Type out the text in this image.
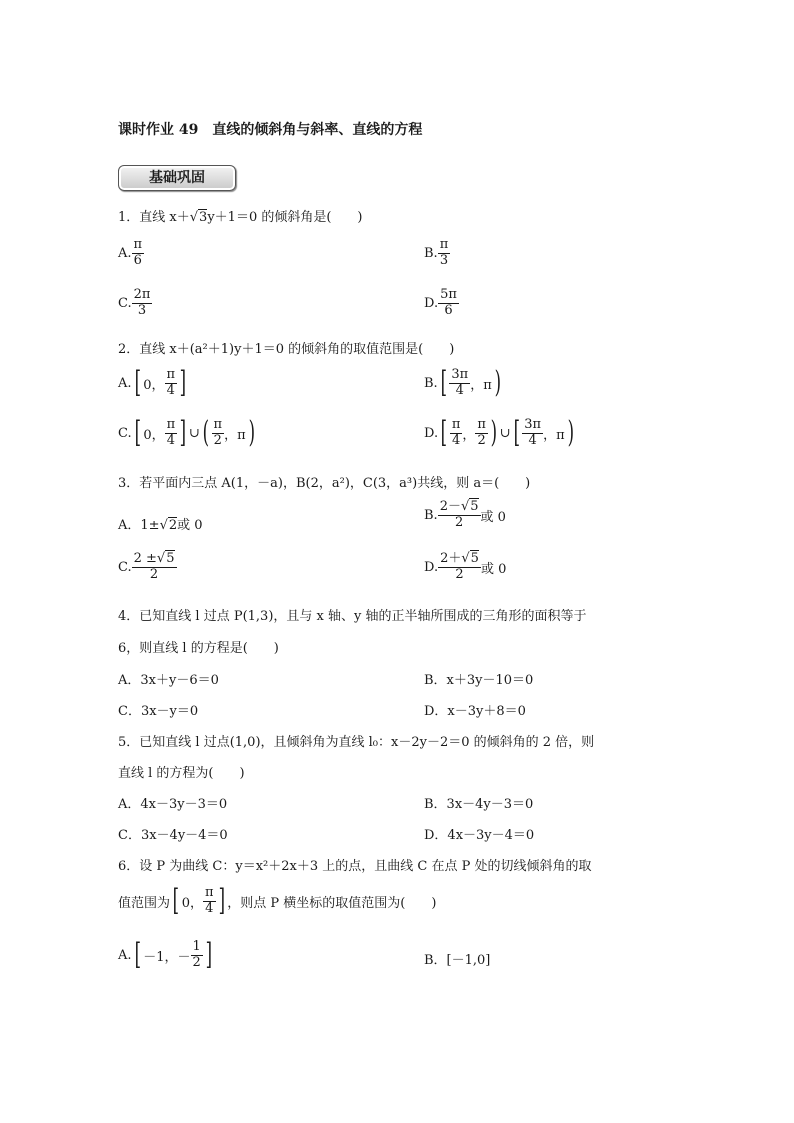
课时作业 49　直线的倾斜角与斜率、直线的方程
基础巩固
1．直线 x＋√3y＋1＝0 的倾斜角是(　　)
A. $\frac{\pi}{6}$	B. $\frac{\pi}{3}$
C. $\frac{2\pi}{3}$	D. $\frac{5\pi}{6}$
2．直线 x＋(a²＋1)y＋1＝0 的倾斜角的取值范围是(　　)
A.[ 0， $\frac{\pi}{4}$ ]	$B.[ \frac{3\pi}{4}$ ，π)
C.[ 0， $\frac{\pi}{4}$ ] ∪( $\frac{\pi}{2}$ ，π)	$D.[ \frac{\pi}{4}$ ， $\frac{\pi}{2}$ ) ∪[ $\frac{3\pi}{4}$ ，π)
3．若平面内三点 A(1，－a)，B(2，a²)，C(3，a³)共线，则 a＝(　　)
A．1±√2或 0
B. $\frac{2-√5}{2}$ 或 0
C. $\frac{2 \pm√5}{2}$	D. $\frac{2+√5}{2}$ 或 0
4．已知直线 l 过点 P(1,3)，且与 x 轴、y 轴的正半轴所围成的三角形的面积等于
6，则直线 l 的方程是(　　)
A．3x＋y－6＝0	B．x＋3y－10＝0
C．3x－y＝0	D．x－3y＋8＝0
5．已知直线 l 过点(1,0)，且倾斜角为直线 l₀：x－2y－2＝0 的倾斜角的 2 倍，则
直线 l 的方程为(　　)
A．4x－3y－3＝0	B．3x－4y－3＝0
C．3x－4y－4＝0	D．4x－3y－4＝0
6．设 P 为曲线 C：y＝x²＋2x＋3 上的点，且曲线 C 在点 P 处的切线倾斜角的取
值范围为[ 0， $\frac{\pi}{4}$ ] ，则点 P 横坐标的取值范围为(　　)
A.[ －1，－ $\frac{1}{2}$ ]	B．[－1,0]
